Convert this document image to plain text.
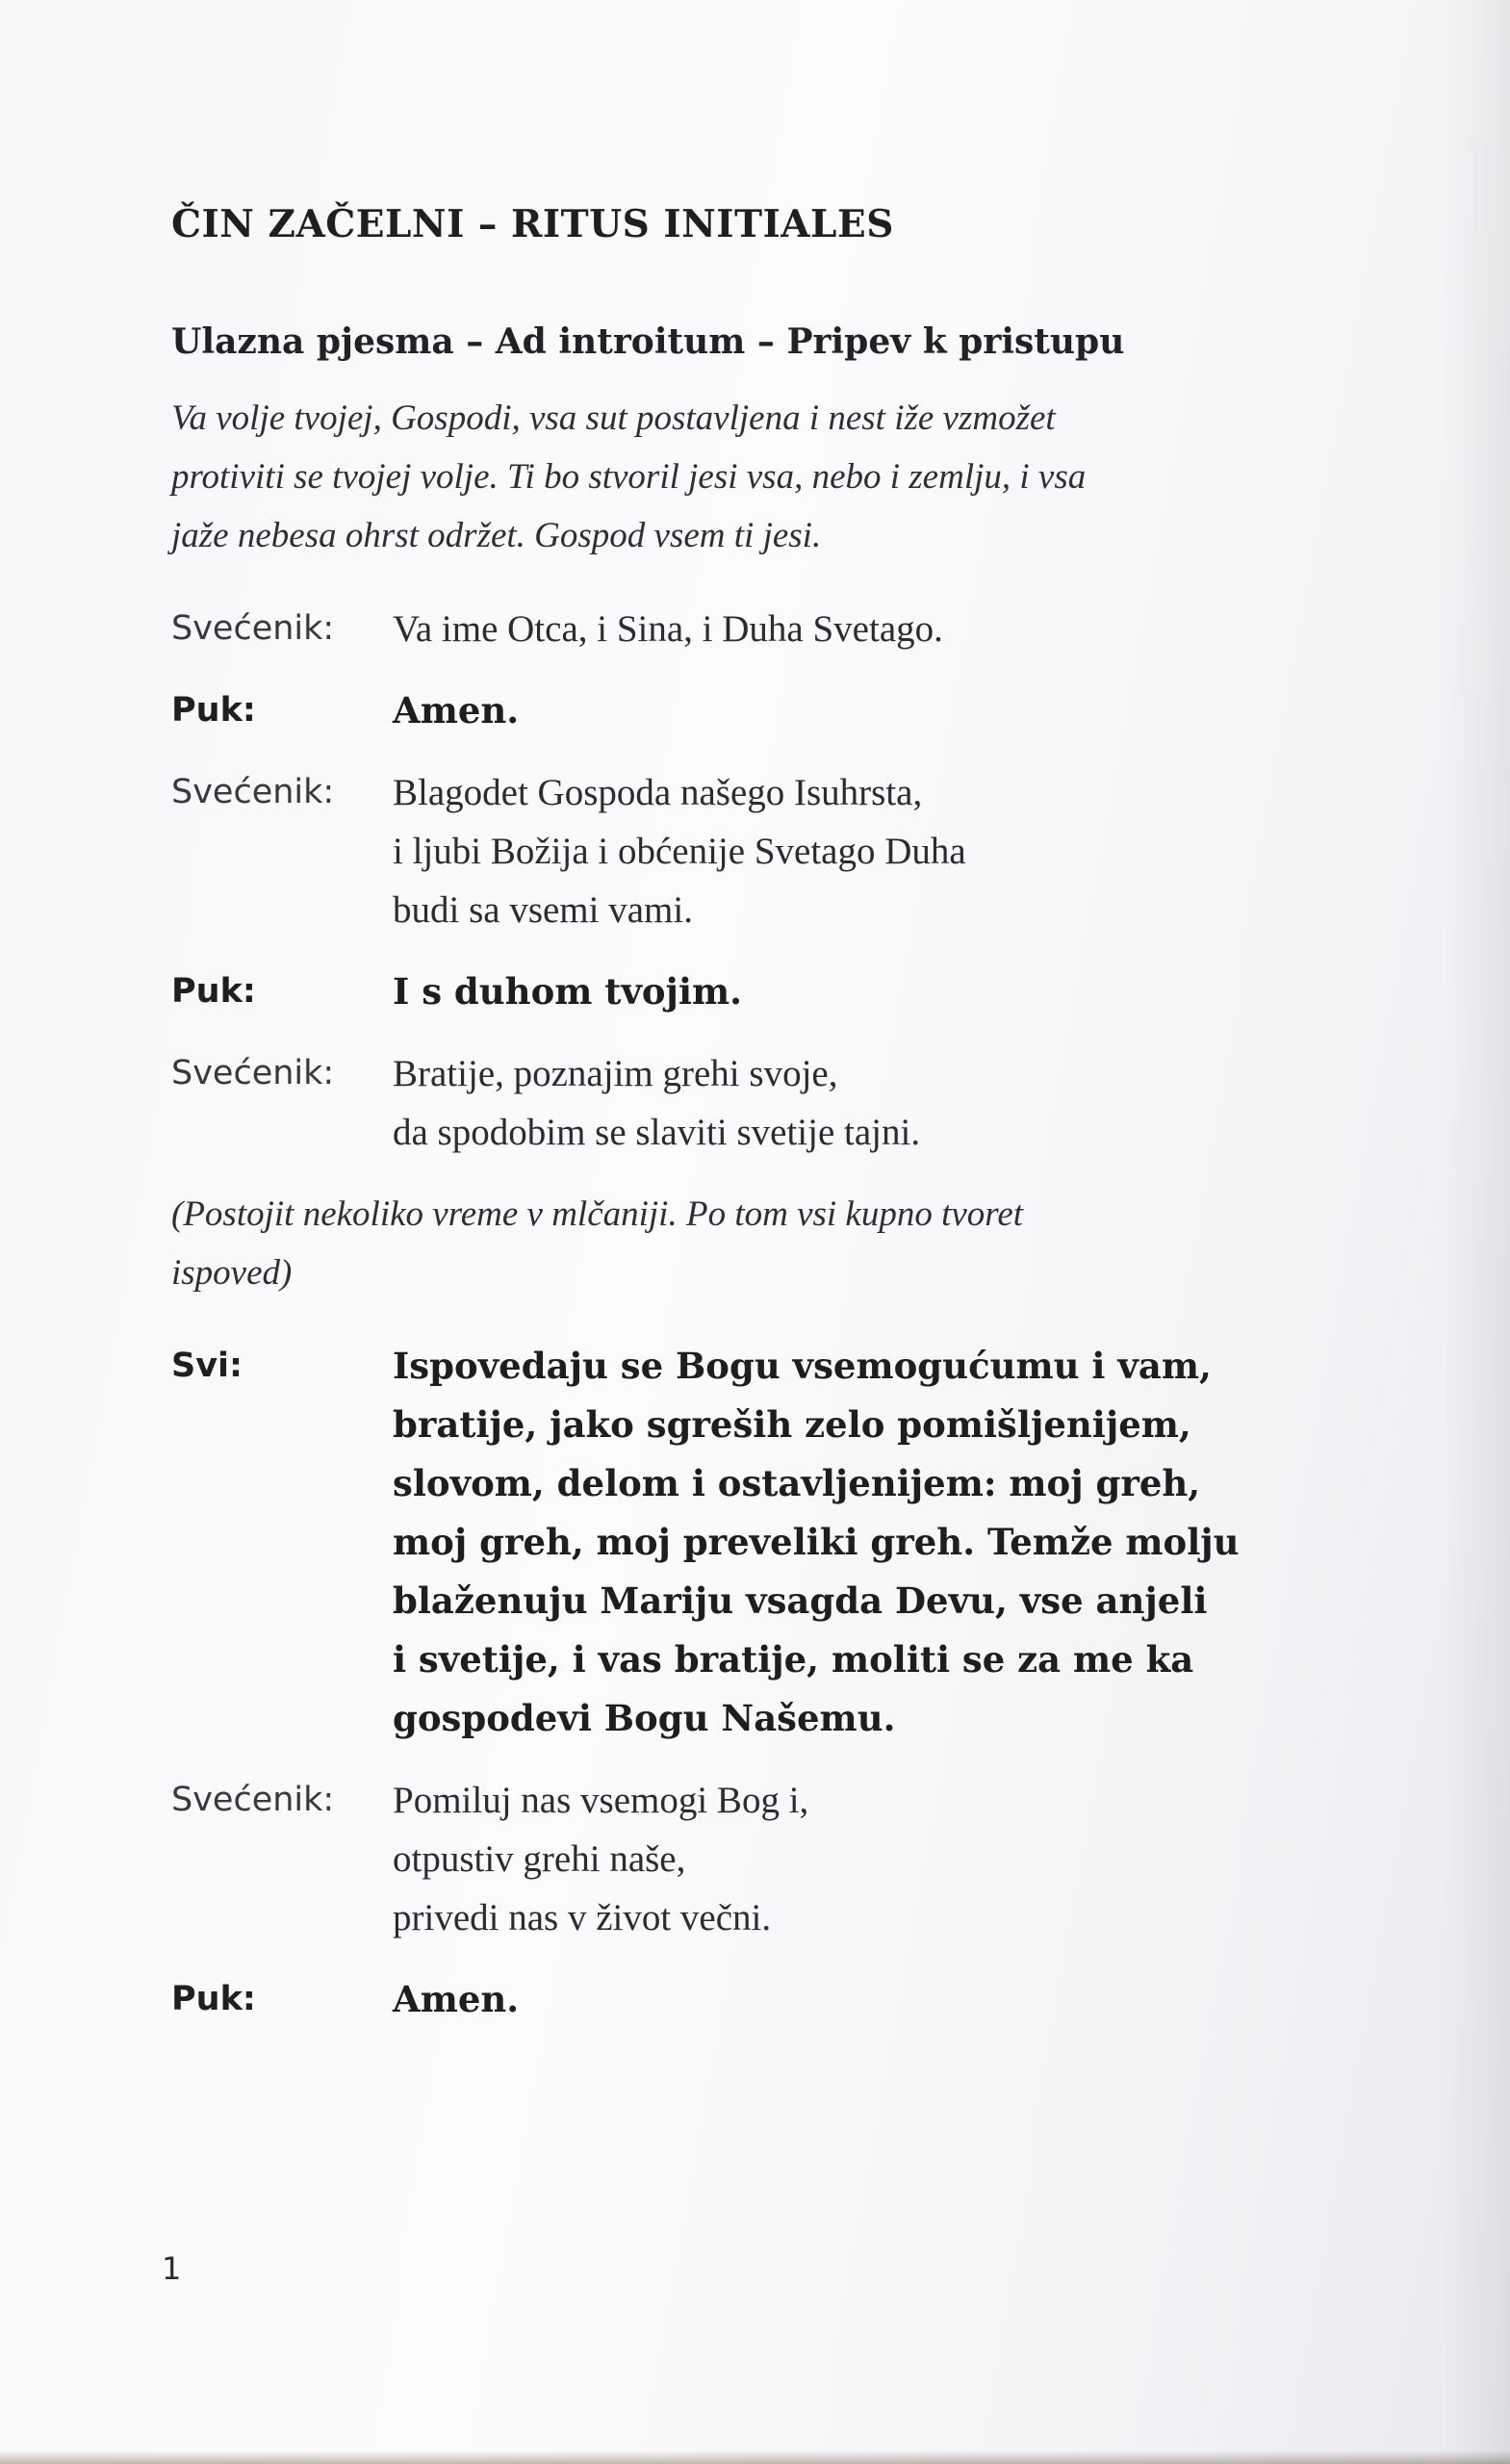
ČIN ZAČELNI – RITUS INITIALES
Ulazna pjesma – Ad introitum – Pripev k pristupu

Va volje tvojej, Gospodi, vsa sut postavljena i nest iže vzmožet
protiviti se tvojej volje. Ti bo stvoril jesi vsa, nebo i zemlju, i vsa
jaže nebesa ohrst održet. Gospod vsem ti jesi.

Svećenik:	Va ime Otca, i Sina, i Duha Svetago.
Puk:	Amen.
Svećenik:	Blagodet Gospoda našego Isuhrsta,
i ljubi Božija i obćenije Svetago Duha
budi sa vsemi vami.
Puk:	I s duhom tvojim.
Svećenik:	Bratije, poznajim grehi svoje,
da spodobim se slaviti svetije tajni.

(Postojit nekoliko vreme v mlčaniji. Po tom vsi kupno tvoret
ispoved)

Svi:	Ispovedaju se Bogu vsemogućumu i vam,
bratije, jako sgreših zelo pomišljenijem,
slovom, delom i ostavljenijem: moj greh,
moj greh, moj preveliki greh. Temže molju
blaženuju Mariju vsagda Devu, vse anjeli
i svetije, i vas bratije, moliti se za me ka
gospodevi Bogu Našemu.
Svećenik:	Pomiluj nas vsemogi Bog i,
otpustiv grehi naše,
privedi nas v život večni.
Puk:	Amen.
1
